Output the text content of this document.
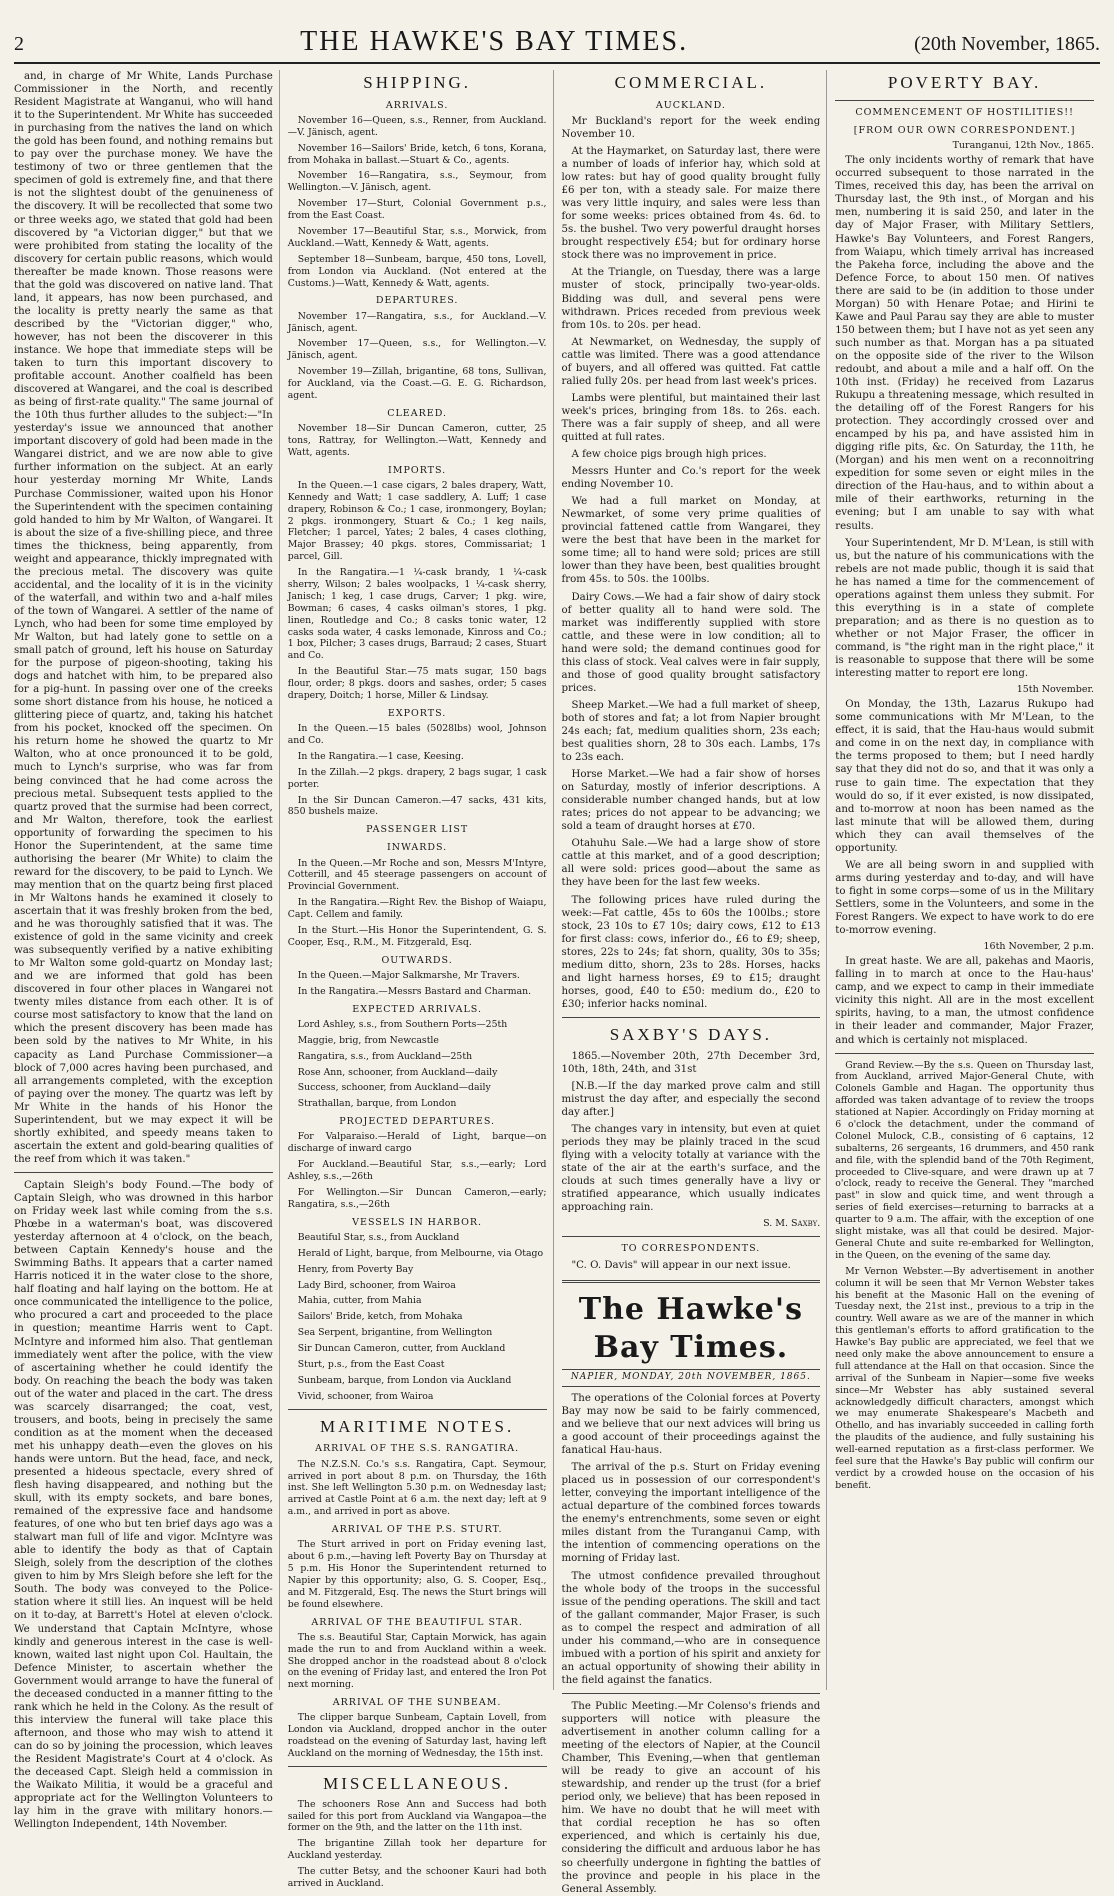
2	THE HAWKE'S BAY TIMES.	(20th November, 1865.

and, in charge of Mr White, Lands Purchase Commissioner in the North, and recently Resident Magistrate at Wanganui, who will hand it to the Superintendent. Mr White has succeeded in purchasing from the natives the land on which the gold has been found, and nothing remains but to pay over the purchase money. We have the testimony of two or three gentlemen that the specimen of gold is extremely fine, and that there is not the slightest doubt of the genuineness of the discovery. It will be recollected that some two or three weeks ago, we stated that gold had been discovered by "a Victorian digger," but that we were prohibited from stating the locality of the discovery for certain public reasons, which would thereafter be made known. Those reasons were that the gold was discovered on native land. That land, it appears, has now been purchased, and the locality is pretty nearly the same as that described by the "Victorian digger," who, however, has not been the discoverer in this instance. We hope that immediate steps will be taken to turn this important discovery to profitable account. Another coalfield has been discovered at Wangarei, and the coal is described as being of first-rate quality." The same journal of the 10th thus further alludes to the subject:—"In yesterday's issue we announced that another important discovery of gold had been made in the Wangarei district, and we are now able to give further information on the subject. At an early hour yesterday morning Mr White, Lands Purchase Commissioner, waited upon his Honor the Superintendent with the specimen containing gold handed to him by Mr Walton, of Wangarei. It is about the size of a five-shilling piece, and three times the thickness, being apparently, from weight and appearance, thickly impregnated with the precious metal. The discovery was quite accidental, and the locality of it is in the vicinity of the waterfall, and within two and a-half miles of the town of Wangarei. A settler of the name of Lynch, who had been for some time employed by Mr Walton, but had lately gone to settle on a small patch of ground, left his house on Saturday for the purpose of pigeon-shooting, taking his dogs and hatchet with him, to be prepared also for a pig-hunt. In passing over one of the creeks some short distance from his house, he noticed a glittering piece of quartz, and, taking his hatchet from his pocket, knocked off the specimen. On his return home he showed the quartz to Mr Walton, who at once pronounced it to be gold, much to Lynch's surprise, who was far from being convinced that he had come across the precious metal. Subsequent tests applied to the quartz proved that the surmise had been correct, and Mr Walton, therefore, took the earliest opportunity of forwarding the specimen to his Honor the Superintendent, at the same time authorising the bearer (Mr White) to claim the reward for the discovery, to be paid to Lynch. We may mention that on the quartz being first placed in Mr Waltons hands he examined it closely to ascertain that it was freshly broken from the bed, and he was thoroughly satisfied that it was. The existence of gold in the same vicinity and creek was subsequently verified by a native exhibiting to Mr Walton some gold-quartz on Monday last; and we are informed that gold has been discovered in four other places in Wangarei not twenty miles distance from each other. It is of course most satisfactory to know that the land on which the present discovery has been made has been sold by the natives to Mr White, in his capacity as Land Purchase Commissioner—a block of 7,000 acres having been purchased, and all arrangements completed, with the exception of paying over the money. The quartz was left by Mr White in the hands of his Honor the Superintendent, but we may expect it will be shortly exhibited, and speedy means taken to ascertain the extent and gold-bearing qualities of the reef from which it was taken."

Captain Sleigh's body Found.—The body of Captain Sleigh, who was drowned in this harbor on Friday week last while coming from the s.s. Phœbe in a waterman's boat, was discovered yesterday afternoon at 4 o'clock, on the beach, between Captain Kennedy's house and the Swimming Baths. It appears that a carter named Harris noticed it in the water close to the shore, half floating and half laying on the bottom. He at once communicated the intelligence to the police, who procured a cart and proceeded to the place in question; meantime Harris went to Capt. McIntyre and informed him also. That gentleman immediately went after the police, with the view of ascertaining whether he could identify the body. On reaching the beach the body was taken out of the water and placed in the cart. The dress was scarcely disarranged; the coat, vest, trousers, and boots, being in precisely the same condition as at the moment when the deceased met his unhappy death—even the gloves on his hands were untorn. But the head, face, and neck, presented a hideous spectacle, every shred of flesh having disappeared, and nothing but the skull, with its empty sockets, and bare bones, remained of the expressive face and handsome features, of one who but ten brief days ago was a stalwart man full of life and vigor. McIntyre was able to identify the body as that of Captain Sleigh, solely from the description of the clothes given to him by Mrs Sleigh before she left for the South. The body was conveyed to the Police-station where it still lies. An inquest will be held on it to-day, at Barrett's Hotel at eleven o'clock. We understand that Captain McIntyre, whose kindly and generous interest in the case is well-known, waited last night upon Col. Haultain, the Defence Minister, to ascertain whether the Government would arrange to have the funeral of the deceased conducted in a manner fitting to the rank which he held in the Colony. As the result of this interview the funeral will take place this afternoon, and those who may wish to attend it can do so by joining the procession, which leaves the Resident Magistrate's Court at 4 o'clock. As the deceased Capt. Sleigh held a commission in the Waikato Militia, it would be a graceful and appropriate act for the Wellington Volunteers to lay him in the grave with military honors.—Wellington Independent, 14th November.

SHIPPING.
ARRIVALS.

November 16—Queen, s.s., Renner, from Auckland.—V. Jänisch, agent.

November 16—Sailors' Bride, ketch, 6 tons, Korana, from Mohaka in ballast.—Stuart & Co., agents.

November 16—Rangatira, s.s., Seymour, from Wellington.—V. Jänisch, agent.

November 17—Sturt, Colonial Government p.s., from the East Coast.

November 17—Beautiful Star, s.s., Morwick, from Auckland.—Watt, Kennedy & Watt, agents.

September 18—Sunbeam, barque, 450 tons, Lovell, from London via Auckland. (Not entered at the Customs.)—Watt, Kennedy & Watt, agents.

DEPARTURES.

November 17—Rangatira, s.s., for Auckland.—V. Jänisch, agent.

November 17—Queen, s.s., for Wellington.—V. Jänisch, agent.

November 19—Zillah, brigantine, 68 tons, Sullivan, for Auckland, via the Coast.—G. E. G. Richardson, agent.

CLEARED.

November 18—Sir Duncan Cameron, cutter, 25 tons, Rattray, for Wellington.—Watt, Kennedy and Watt, agents.

IMPORTS.

In the Queen.—1 case cigars, 2 bales drapery, Watt, Kennedy and Watt; 1 case saddlery, A. Luff; 1 case drapery, Robinson & Co.; 1 case, ironmongery, Boylan; 2 pkgs. ironmongery, Stuart & Co.; 1 keg nails, Fletcher; 1 parcel, Yates; 2 bales, 4 cases clothing, Major Brassey; 40 pkgs. stores, Commissariat; 1 parcel, Gill.

In the Rangatira.—1 ¼-cask brandy, 1 ¼-cask sherry, Wilson; 2 bales woolpacks, 1 ¼-cask sherry, Janisch; 1 keg, 1 case drugs, Carver; 1 pkg. wire, Bowman; 6 cases, 4 casks oilman's stores, 1 pkg. linen, Routledge and Co.; 8 casks tonic water, 12 casks soda water, 4 casks lemonade, Kinross and Co.; 1 box, Pilcher; 3 cases drugs, Barraud; 2 cases, Stuart and Co.

In the Beautiful Star.—75 mats sugar, 150 bags flour, order; 8 pkgs. doors and sashes, order; 5 cases drapery, Doitch; 1 horse, Miller & Lindsay.

EXPORTS.

In the Queen.—15 bales (5028lbs) wool, Johnson and Co.

In the Rangatira.—1 case, Keesing.

In the Zillah.—2 pkgs. drapery, 2 bags sugar, 1 cask porter.

In the Sir Duncan Cameron.—47 sacks, 431 kits, 850 bushels maize.

PASSENGER LIST
INWARDS.

In the Queen.—Mr Roche and son, Messrs M'Intyre, Cotterill, and 45 steerage passengers on account of Provincial Government.

In the Rangatira.—Right Rev. the Bishop of Waiapu, Capt. Cellem and family.

In the Sturt.—His Honor the Superintendent, G. S. Cooper, Esq., R.M., M. Fitzgerald, Esq.

OUTWARDS.

In the Queen.—Major Salkmarshe, Mr Travers.

In the Rangatira.—Messrs Bastard and Charman.

EXPECTED ARRIVALS.

Lord Ashley, s.s., from Southern Ports—25th

Maggie, brig, from Newcastle

Rangatira, s.s., from Auckland—25th

Rose Ann, schooner, from Auckland—daily

Success, schooner, from Auckland—daily

Strathallan, barque, from London

PROJECTED DEPARTURES.

For Valparaiso.—Herald of Light, barque—on discharge of inward cargo

For Auckland.—Beautiful Star, s.s.,—early; Lord Ashley, s.s.,—26th

For Wellington.—Sir Duncan Cameron,—early; Rangatira, s.s.,—26th

VESSELS IN HARBOR.

Beautiful Star, s.s., from Auckland

Herald of Light, barque, from Melbourne, via Otago

Henry, from Poverty Bay

Lady Bird, schooner, from Wairoa

Mahia, cutter, from Mahia

Sailors' Bride, ketch, from Mohaka

Sea Serpent, brigantine, from Wellington

Sir Duncan Cameron, cutter, from Auckland

Sturt, p.s., from the East Coast

Sunbeam, barque, from London via Auckland

Vivid, schooner, from Wairoa

MARITIME NOTES.
ARRIVAL OF THE S.S. RANGATIRA.

The N.Z.S.N. Co.'s s.s. Rangatira, Capt. Seymour, arrived in port about 8 p.m. on Thursday, the 16th inst. She left Wellington 5.30 p.m. on Wednesday last; arrived at Castle Point at 6 a.m. the next day; left at 9 a.m., and arrived in port as above.

ARRIVAL OF THE P.S. STURT.

The Sturt arrived in port on Friday evening last, about 6 p.m.,—having left Poverty Bay on Thursday at 5 p.m. His Honor the Superintendent returned to Napier by this opportunity; also, G. S. Cooper, Esq., and M. Fitzgerald, Esq. The news the Sturt brings will be found elsewhere.

ARRIVAL OF THE BEAUTIFUL STAR.

The s.s. Beautiful Star, Captain Morwick, has again made the run to and from Auckland within a week. She dropped anchor in the roadstead about 8 o'clock on the evening of Friday last, and entered the Iron Pot next morning.

ARRIVAL OF THE SUNBEAM.

The clipper barque Sunbeam, Captain Lovell, from London via Auckland, dropped anchor in the outer roadstead on the evening of Saturday last, having left Auckland on the morning of Wednesday, the 15th inst.

MISCELLANEOUS.

The schooners Rose Ann and Success had both sailed for this port from Auckland via Wangapoa—the former on the 9th, and the latter on the 11th inst.

The brigantine Zillah took her departure for Auckland yesterday.

The cutter Betsy, and the schooner Kauri had both arrived in Auckland.

COMMERCIAL.
AUCKLAND.

Mr Buckland's report for the week ending November 10.

At the Haymarket, on Saturday last, there were a number of loads of inferior hay, which sold at low rates: but hay of good quality brought fully £6 per ton, with a steady sale. For maize there was very little inquiry, and sales were less than for some weeks: prices obtained from 4s. 6d. to 5s. the bushel. Two very powerful draught horses brought respectively £54; but for ordinary horse stock there was no improvement in price.

At the Triangle, on Tuesday, there was a large muster of stock, principally two-year-olds. Bidding was dull, and several pens were withdrawn. Prices receded from previous week from 10s. to 20s. per head.

At Newmarket, on Wednesday, the supply of cattle was limited. There was a good attendance of buyers, and all offered was quitted. Fat cattle ralied fully 20s. per head from last week's prices.

Lambs were plentiful, but maintained their last week's prices, bringing from 18s. to 26s. each. There was a fair supply of sheep, and all were quitted at full rates.

A few choice pigs brough high prices.

Messrs Hunter and Co.'s report for the week ending November 10.

We had a full market on Monday, at Newmarket, of some very prime qualities of provincial fattened cattle from Wangarei, they were the best that have been in the market for some time; all to hand were sold; prices are still lower than they have been, best qualities brought from 45s. to 50s. the 100lbs.

Dairy Cows.—We had a fair show of dairy stock of better quality all to hand were sold. The market was indifferently supplied with store cattle, and these were in low condition; all to hand were sold; the demand continues good for this class of stock. Veal calves were in fair supply, and those of good quality brought satisfactory prices.

Sheep Market.—We had a full market of sheep, both of stores and fat; a lot from Napier brought 24s each; fat, medium qualities shorn, 23s each; best qualities shorn, 28 to 30s each. Lambs, 17s to 23s each.

Horse Market.—We had a fair show of horses on Saturday, mostly of inferior descriptions. A considerable number changed hands, but at low rates; prices do not appear to be advancing; we sold a team of draught horses at £70.

Otahuhu Sale.—We had a large show of store cattle at this market, and of a good description; all were sold: prices good—about the same as they have been for the last few weeks.

The following prices have ruled during the week:—Fat cattle, 45s to 60s the 100lbs.; store stock, 23 10s to £7 10s; dairy cows, £12 to £13 for first class: cows, inferior do., £6 to £9; sheep, stores, 22s to 24s; fat shorn, quality, 30s to 35s; medium ditto, shorn, 23s to 28s. Horses, hacks and light harness horses, £9 to £15; draught horses, good, £40 to £50: medium do., £20 to £30; inferior hacks nominal.

SAXBY'S DAYS.

1865.—November 20th, 27th December 3rd, 10th, 18th, 24th, and 31st

[N.B.—If the day marked prove calm and still mistrust the day after, and especially the second day after.]

The changes vary in intensity, but even at quiet periods they may be plainly traced in the scud flying with a velocity totally at variance with the state of the air at the earth's surface, and the clouds at such times generally have a livy or stratified appearance, which usually indicates approaching rain.

S. M. Saxby.
TO CORRESPONDENTS.

"C. O. Davis" will appear in our next issue.

The Hawke's Bay Times.
NAPIER, MONDAY, 20th NOVEMBER, 1865.

The operations of the Colonial forces at Poverty Bay may now be said to be fairly commenced, and we believe that our next advices will bring us a good account of their proceedings against the fanatical Hau-haus.

The arrival of the p.s. Sturt on Friday evening placed us in possession of our correspondent's letter, conveying the important intelligence of the actual departure of the combined forces towards the enemy's entrenchments, some seven or eight miles distant from the Turanganui Camp, with the intention of commencing operations on the morning of Friday last.

The utmost confidence prevailed throughout the whole body of the troops in the successful issue of the pending operations. The skill and tact of the gallant commander, Major Fraser, is such as to compel the respect and admiration of all under his command,—who are in consequence imbued with a portion of his spirit and anxiety for an actual opportunity of showing their ability in the field against the fanatics.

The Public Meeting.—Mr Colenso's friends and supporters will notice with pleasure the advertisement in another column calling for a meeting of the electors of Napier, at the Council Chamber, This Evening,—when that gentleman will be ready to give an account of his stewardship, and render up the trust (for a brief period only, we believe) that has been reposed in him. We have no doubt that he will meet with that cordial reception he has so often experienced, and which is certainly his due, considering the difficult and arduous labor he has so cheerfully undergone in fighting the battles of the province and people in his place in the General Assembly.

POVERTY BAY.
COMMENCEMENT OF HOSTILITIES!!
[FROM OUR OWN CORRESPONDENT.]
Turanganui, 12th Nov., 1865.

The only incidents worthy of remark that have occurred subsequent to those narrated in the Times, received this day, has been the arrival on Thursday last, the 9th inst., of Morgan and his men, numbering it is said 250, and later in the day of Major Fraser, with Military Settlers, Hawke's Bay Volunteers, and Forest Rangers, from Waiapu, which timely arrival has increased the Pakeha force, including the above and the Defence Force, to about 150 men. Of natives there are said to be (in addition to those under Morgan) 50 with Henare Potae; and Hirini te Kawe and Paul Parau say they are able to muster 150 between them; but I have not as yet seen any such number as that. Morgan has a pa situated on the opposite side of the river to the Wilson redoubt, and about a mile and a half off. On the 10th inst. (Friday) he received from Lazarus Rukupu a threatening message, which resulted in the detailing off of the Forest Rangers for his protection. They accordingly crossed over and encamped by his pa, and have assisted him in digging rifle pits, &c. On Saturday, the 11th, he (Morgan) and his men went on a reconnoitring expedition for some seven or eight miles in the direction of the Hau-haus, and to within about a mile of their earthworks, returning in the evening; but I am unable to say with what results.

Your Superintendent, Mr D. M'Lean, is still with us, but the nature of his communications with the rebels are not made public, though it is said that he has named a time for the commencement of operations against them unless they submit. For this everything is in a state of complete preparation; and as there is no question as to whether or not Major Fraser, the officer in command, is "the right man in the right place," it is reasonable to suppose that there will be some interesting matter to report ere long.

15th November.

On Monday, the 13th, Lazarus Rukupo had some communications with Mr M'Lean, to the effect, it is said, that the Hau-haus would submit and come in on the next day, in compliance with the terms proposed to them; but I need hardly say that they did not do so, and that it was only a ruse to gain time. The expectation that they would do so, if it ever existed, is now dissipated, and to-morrow at noon has been named as the last minute that will be allowed them, during which they can avail themselves of the opportunity.

We are all being sworn in and supplied with arms during yesterday and to-day, and will have to fight in some corps—some of us in the Military Settlers, some in the Volunteers, and some in the Forest Rangers. We expect to have work to do ere to-morrow evening.

16th November, 2 p.m.

In great haste. We are all, pakehas and Maoris, falling in to march at once to the Hau-haus' camp, and we expect to camp in their immediate vicinity this night. All are in the most excellent spirits, having, to a man, the utmost confidence in their leader and commander, Major Frazer, and which is certainly not misplaced.

Grand Review.—By the s.s. Queen on Thursday last, from Auckland, arrived Major-General Chute, with Colonels Gamble and Hagan. The opportunity thus afforded was taken advantage of to review the troops stationed at Napier. Accordingly on Friday morning at 6 o'clock the detachment, under the command of Colonel Mulock, C.B., consisting of 6 captains, 12 subalterns, 26 sergeants, 16 drummers, and 450 rank and file, with the splendid band of the 70th Regiment, proceeded to Clive-square, and were drawn up at 7 o'clock, ready to receive the General. They "marched past" in slow and quick time, and went through a series of field exercises—returning to barracks at a quarter to 9 a.m. The affair, with the exception of one slight mistake, was all that could be desired. Major-General Chute and suite re-embarked for Wellington, in the Queen, on the evening of the same day.

Mr Vernon Webster.—By advertisement in another column it will be seen that Mr Vernon Webster takes his benefit at the Masonic Hall on the evening of Tuesday next, the 21st inst., previous to a trip in the country. Well aware as we are of the manner in which this gentleman's efforts to afford gratification to the Hawke's Bay public are appreciated, we feel that we need only make the above announcement to ensure a full attendance at the Hall on that occasion. Since the arrival of the Sunbeam in Napier—some five weeks since—Mr Webster has ably sustained several acknowledgedly difficult characters, amongst which we may enumerate Shakespeare's Macbeth and Othello, and has invariably succeeded in calling forth the plaudits of the audience, and fully sustaining his well-earned reputation as a first-class performer. We feel sure that the Hawke's Bay public will confirm our verdict by a crowded house on the occasion of his benefit.
